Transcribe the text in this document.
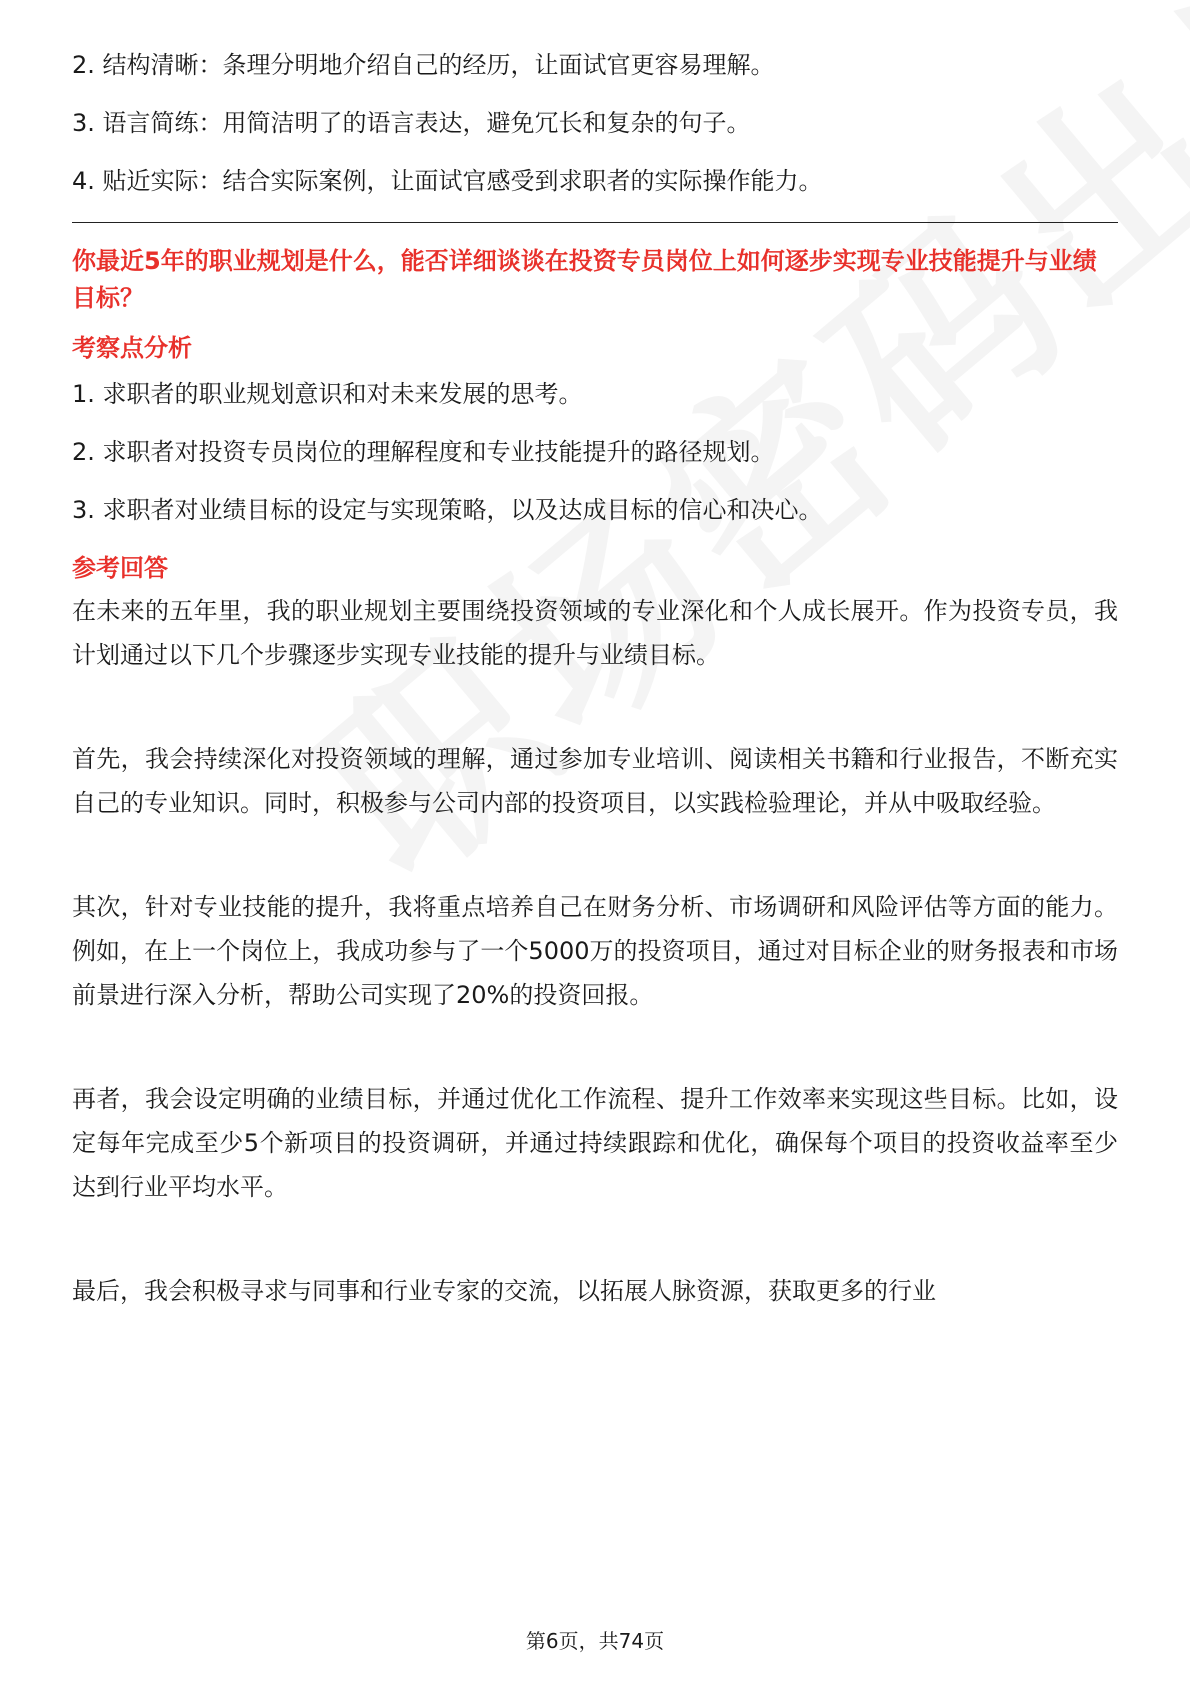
2. 结构清晰：条理分明地介绍自己的经历，让面试官更容易理解。

3. 语言简练：用简洁明了的语言表达，避免冗长和复杂的句子。

4. 贴近实际：结合实际案例，让面试官感受到求职者的实际操作能力。

你最近5年的职业规划是什么，能否详细谈谈在投资专员岗位上如何逐步实现专业技能提升与业绩目标？

考察点分析

1. 求职者的职业规划意识和对未来发展的思考。

2. 求职者对投资专员岗位的理解程度和专业技能提升的路径规划。

3. 求职者对业绩目标的设定与实现策略，以及达成目标的信心和决心。

参考回答

在未来的五年里，我的职业规划主要围绕投资领域的专业深化和个人成长展开。作为投资专员，我计划通过以下几个步骤逐步实现专业技能的提升与业绩目标。

首先，我会持续深化对投资领域的理解，通过参加专业培训、阅读相关书籍和行业报告，不断充实自己的专业知识。同时，积极参与公司内部的投资项目，以实践检验理论，并从中吸取经验。

其次，针对专业技能的提升，我将重点培养自己在财务分析、市场调研和风险评估等方面的能力。例如，在上一个岗位上，我成功参与了一个5000万的投资项目，通过对目标企业的财务报表和市场前景进行深入分析，帮助公司实现了20%的投资回报。

再者，我会设定明确的业绩目标，并通过优化工作流程、提升工作效率来实现这些目标。比如，设定每年完成至少5个新项目的投资调研，并通过持续跟踪和优化，确保每个项目的投资收益率至少达到行业平均水平。

最后，我会积极寻求与同事和行业专家的交流，以拓展人脉资源，获取更多的行业

第6页，共74页
